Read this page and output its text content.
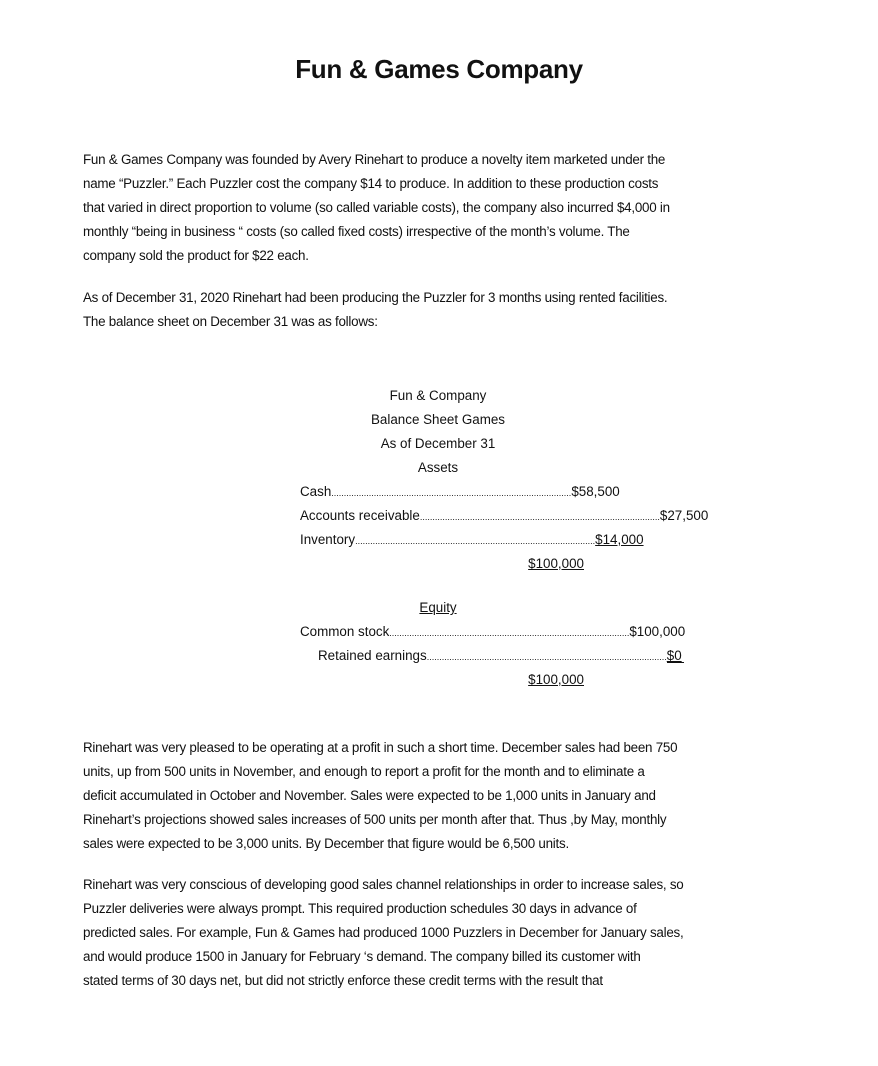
Fun & Games Company
Fun & Games Company was founded by Avery Rinehart to produce a novelty item marketed under the
name “Puzzler.” Each Puzzler cost the company $14 to produce. In addition to these production costs
that varied in direct proportion to volume (so called variable costs), the company also incurred $4,000 in
monthly “being in business “ costs (so called fixed costs) irrespective of the month’s volume. The
company sold the product for $22 each.
As of December 31, 2020 Rinehart had been producing the Puzzler for 3 months using rented facilities.
The balance sheet on December 31 was as follows:
Fun & Company
Balance Sheet Games
As of December 31
Assets
Cash ................................................................................................ $58,500
Accounts receivable ................................................................................................ $27,500
Inventory ................................................................................................ $14,000
$100,000
Equity
Common stock ................................................................................................ $100,000
Retained earnings ................................................................................................ $0
$100,000
Rinehart was very pleased to be operating at a profit in such a short time. December sales had been 750
units, up from 500 units in November, and enough to report a profit for the month and to eliminate a
deficit accumulated in October and November. Sales were expected to be 1,000 units in January and
Rinehart’s projections showed sales increases of 500 units per month after that. Thus ,by May, monthly
sales were expected to be 3,000 units. By December that figure would be 6,500 units.
Rinehart was very conscious of developing good sales channel relationships in order to increase sales, so
Puzzler deliveries were always prompt. This required production schedules 30 days in advance of
predicted sales. For example, Fun & Games had produced 1000 Puzzlers in December for January sales,
and would produce 1500 in January for February ‘s demand. The company billed its customer with
stated terms of 30 days net, but did not strictly enforce these credit terms with the result that
